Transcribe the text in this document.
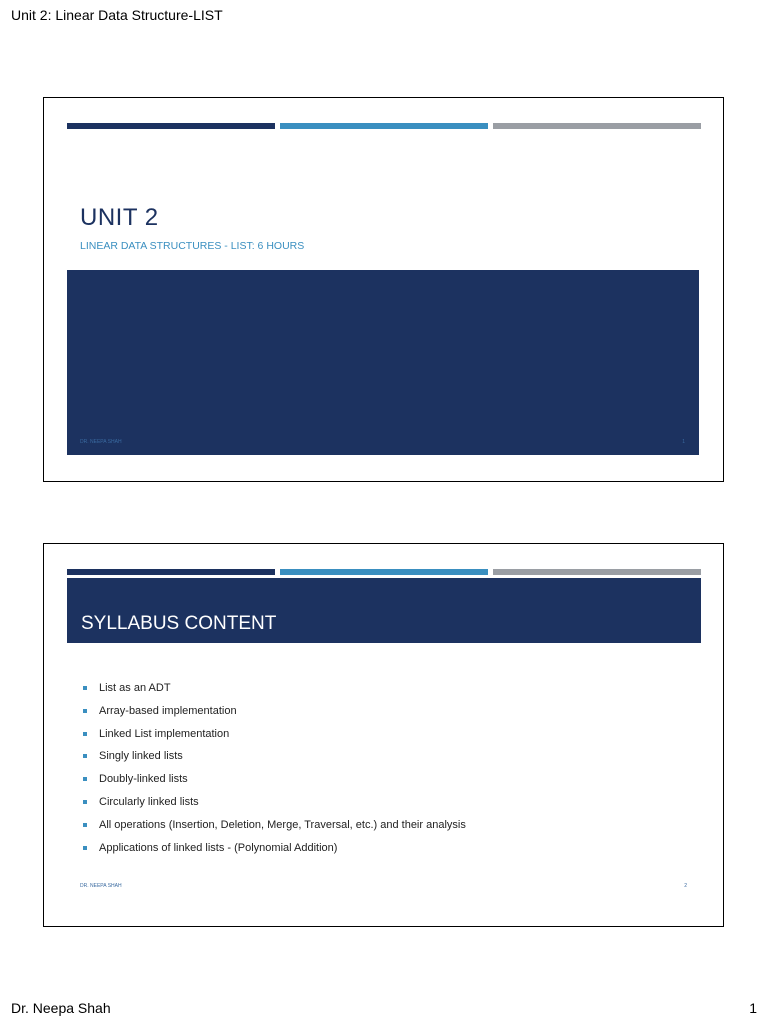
Unit 2: Linear Data Structure-LIST
UNIT 2
LINEAR DATA STRUCTURES - LIST: 6 HOURS
DR. NEEPA SHAH	1
SYLLABUS CONTENT
List as an ADT
Array-based implementation
Linked List implementation
Singly linked lists
Doubly-linked lists
Circularly linked lists
All operations (Insertion, Deletion, Merge, Traversal, etc.) and their analysis
Applications of linked lists - (Polynomial Addition)
DR. NEEPA SHAH	2
Dr. Neepa Shah	1
